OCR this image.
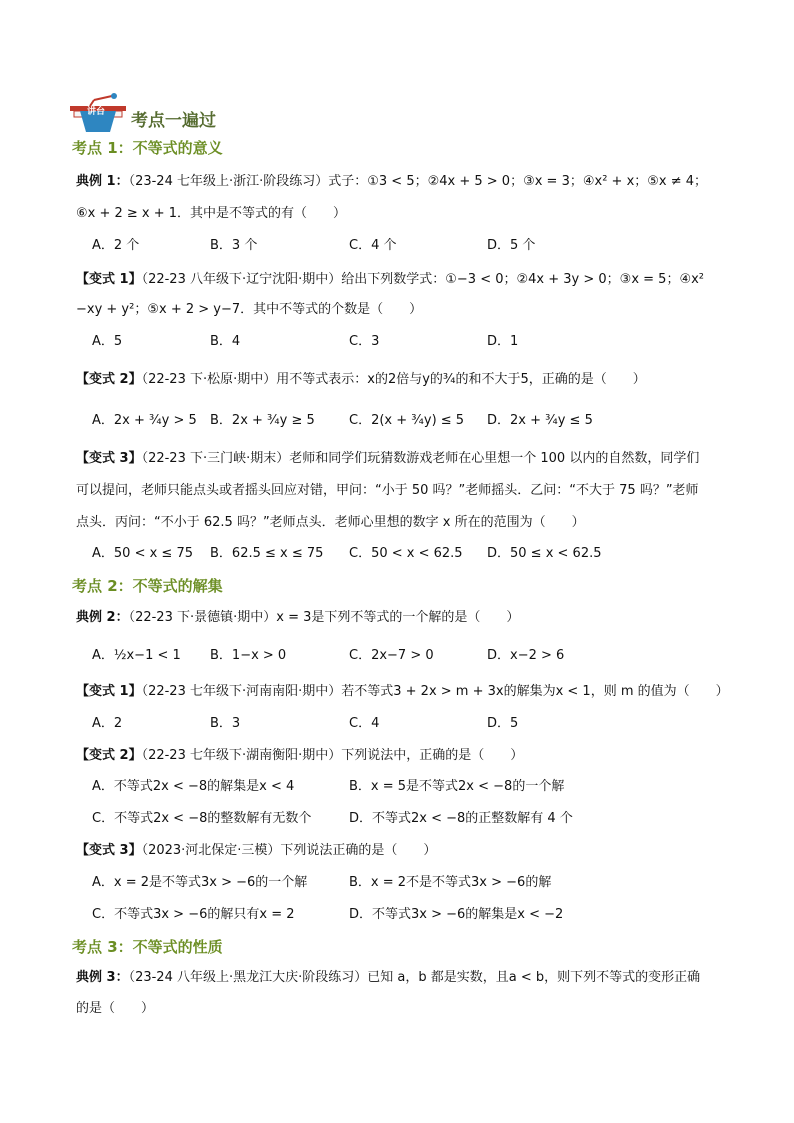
讲台 考点一遍过
考点 1：不等式的意义
典例 1：（23-24 七年级上·浙江·阶段练习）式子：①3 < 5；②4x + 5 > 0；③x = 3；④x² + x；⑤x ≠ 4；
⑥x + 2 ≥ x + 1．其中是不等式的有（　　）
A．2 个	B．3 个	C．4 个	D．5 个
【变式 1】（22-23 八年级下·辽宁沈阳·期中）给出下列数学式：①−3 < 0；②4x + 3y > 0；③x = 5；④x²
−xy + y²；⑤x + 2 > y−7．其中不等式的个数是（　　）
A．5	B．4	C．3	D．1
【变式 2】（22-23 下·松原·期中）用不等式表示：x的2倍与y的¾的和不大于5，正确的是（　　）
A．2x + ¾y > 5 B．2x + ¾y ≥ 5	C．2(x + ¾y) ≤ 5 D．2x + ¾y ≤ 5
【变式 3】（22-23 下·三门峡·期末）老师和同学们玩猜数游戏老师在心里想一个 100 以内的自然数，同学们
可以提问，老师只能点头或者摇头回应对错，甲问：“小于 50 吗？”老师摇头．乙问：“不大于 75 吗？”老师
点头．丙问：“不小于 62.5 吗？”老师点头．老师心里想的数字 x 所在的范围为（　　）
A．50 < x ≤ 75 B．62.5 ≤ x ≤ 75 C．50 < x < 62.5 D．50 ≤ x < 62.5
考点 2：不等式的解集
典例 2：（22-23 下·景德镇·期中）x = 3是下列不等式的一个解的是（　　）
A．½x−1 < 1 B．1−x > 0	C．2x−7 > 0	D．x−2 > 6
【变式 1】（22-23 七年级下·河南南阳·期中）若不等式3 + 2x > m + 3x的解集为x < 1，则 m 的值为（　　）
A．2	B．3	C．4	D．5
【变式 2】（22-23 七年级下·湖南衡阳·期中）下列说法中，正确的是（　　）
A．不等式2x < −8的解集是x < 4	B．x = 5是不等式2x < −8的一个解
C．不等式2x < −8的整数解有无数个	D．不等式2x < −8的正整数解有 4 个
【变式 3】（2023·河北保定·三模）下列说法正确的是（　　）
A．x = 2是不等式3x > −6的一个解	B．x = 2不是不等式3x > −6的解
C．不等式3x > −6的解只有x = 2	D．不等式3x > −6的解集是x < −2
考点 3：不等式的性质
典例 3：（23-24 八年级上·黑龙江大庆·阶段练习）已知 a，b 都是实数，且a < b，则下列不等式的变形正确
的是（　　）
